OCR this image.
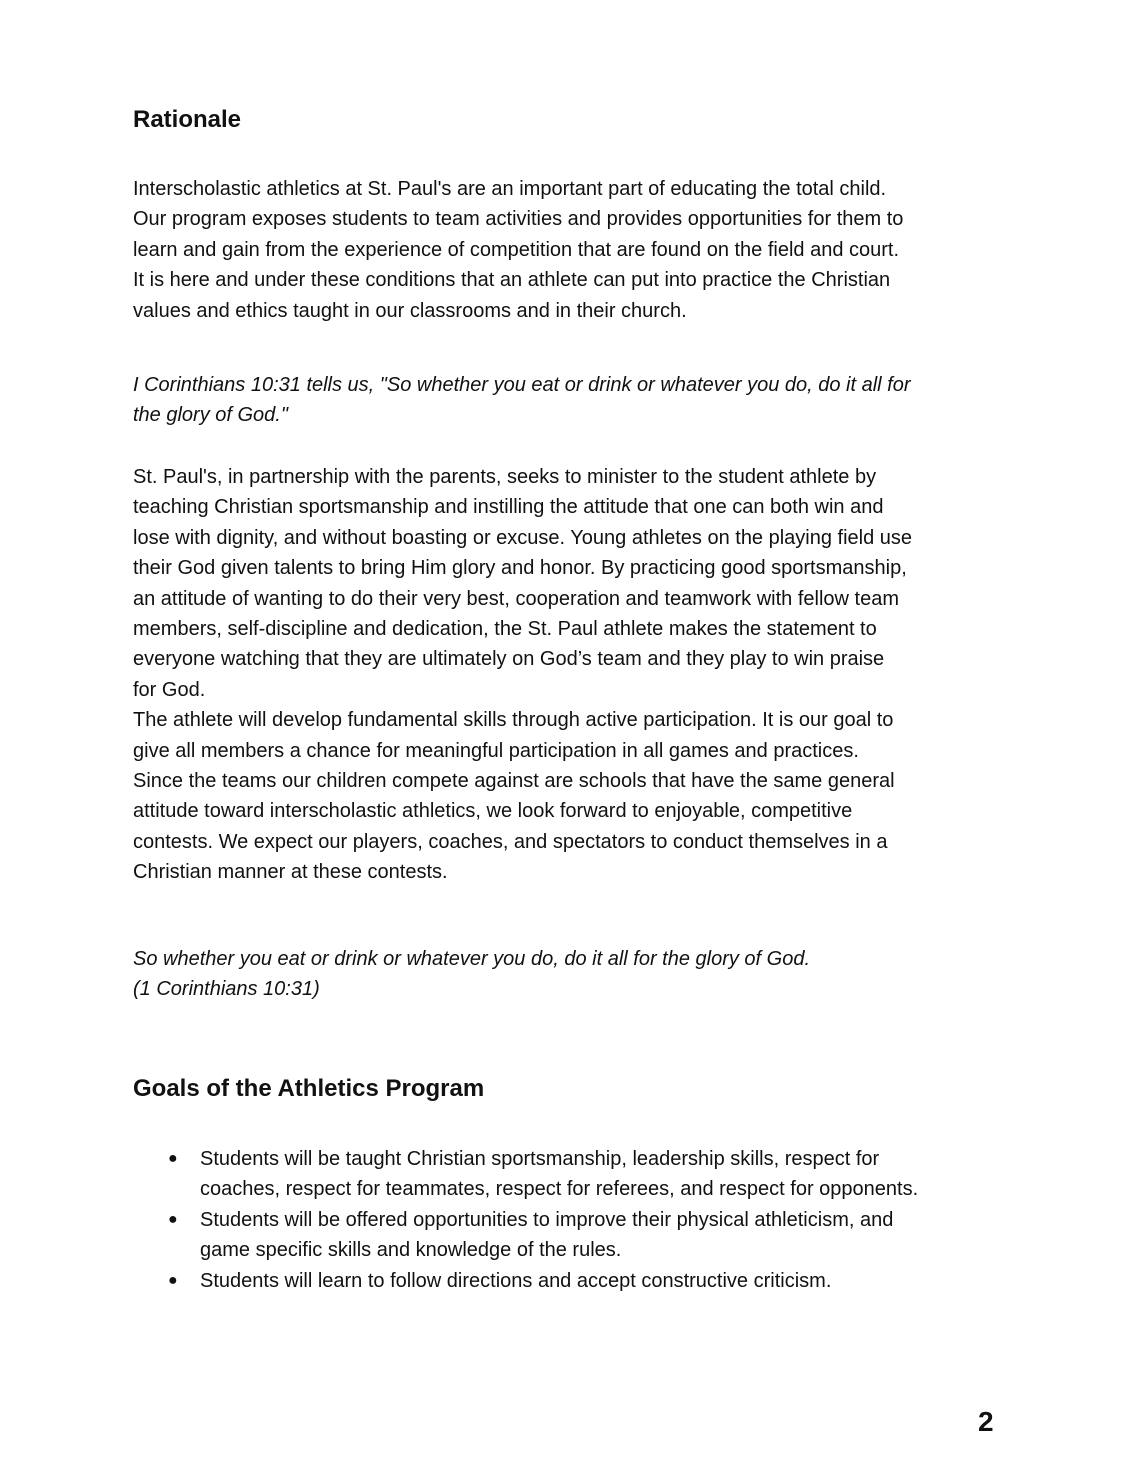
Rationale

Interscholastic athletics at St. Paul's are an important part of educating the total child.
Our program exposes students to team activities and provides opportunities for them to
learn and gain from the experience of competition that are found on the field and court.
It is here and under these conditions that an athlete can put into practice the Christian
values and ethics taught in our classrooms and in their church.

I Corinthians 10:31 tells us, "So whether you eat or drink or whatever you do, do it all for
the glory of God."

St. Paul's, in partnership with the parents, seeks to minister to the student athlete by
teaching Christian sportsmanship and instilling the attitude that one can both win and
lose with dignity, and without boasting or excuse. Young athletes on the playing field use
their God given talents to bring Him glory and honor. By practicing good sportsmanship,
an attitude of wanting to do their very best, cooperation and teamwork with fellow team
members, self-discipline and dedication, the St. Paul athlete makes the statement to
everyone watching that they are ultimately on God’s team and they play to win praise
for God.
The athlete will develop fundamental skills through active participation. It is our goal to
give all members a chance for meaningful participation in all games and practices.
Since the teams our children compete against are schools that have the same general
attitude toward interscholastic athletics, we look forward to enjoyable, competitive
contests. We expect our players, coaches, and spectators to conduct themselves in a
Christian manner at these contests.

So whether you eat or drink or whatever you do, do it all for the glory of God.
(1 Corinthians 10:31)

Goals of the Athletics Program
● Students will be taught Christian sportsmanship, leadership skills, respect for
coaches, respect for teammates, respect for referees, and respect for opponents.
● Students will be offered opportunities to improve their physical athleticism, and
game specific skills and knowledge of the rules.
● Students will learn to follow directions and accept constructive criticism.
2
